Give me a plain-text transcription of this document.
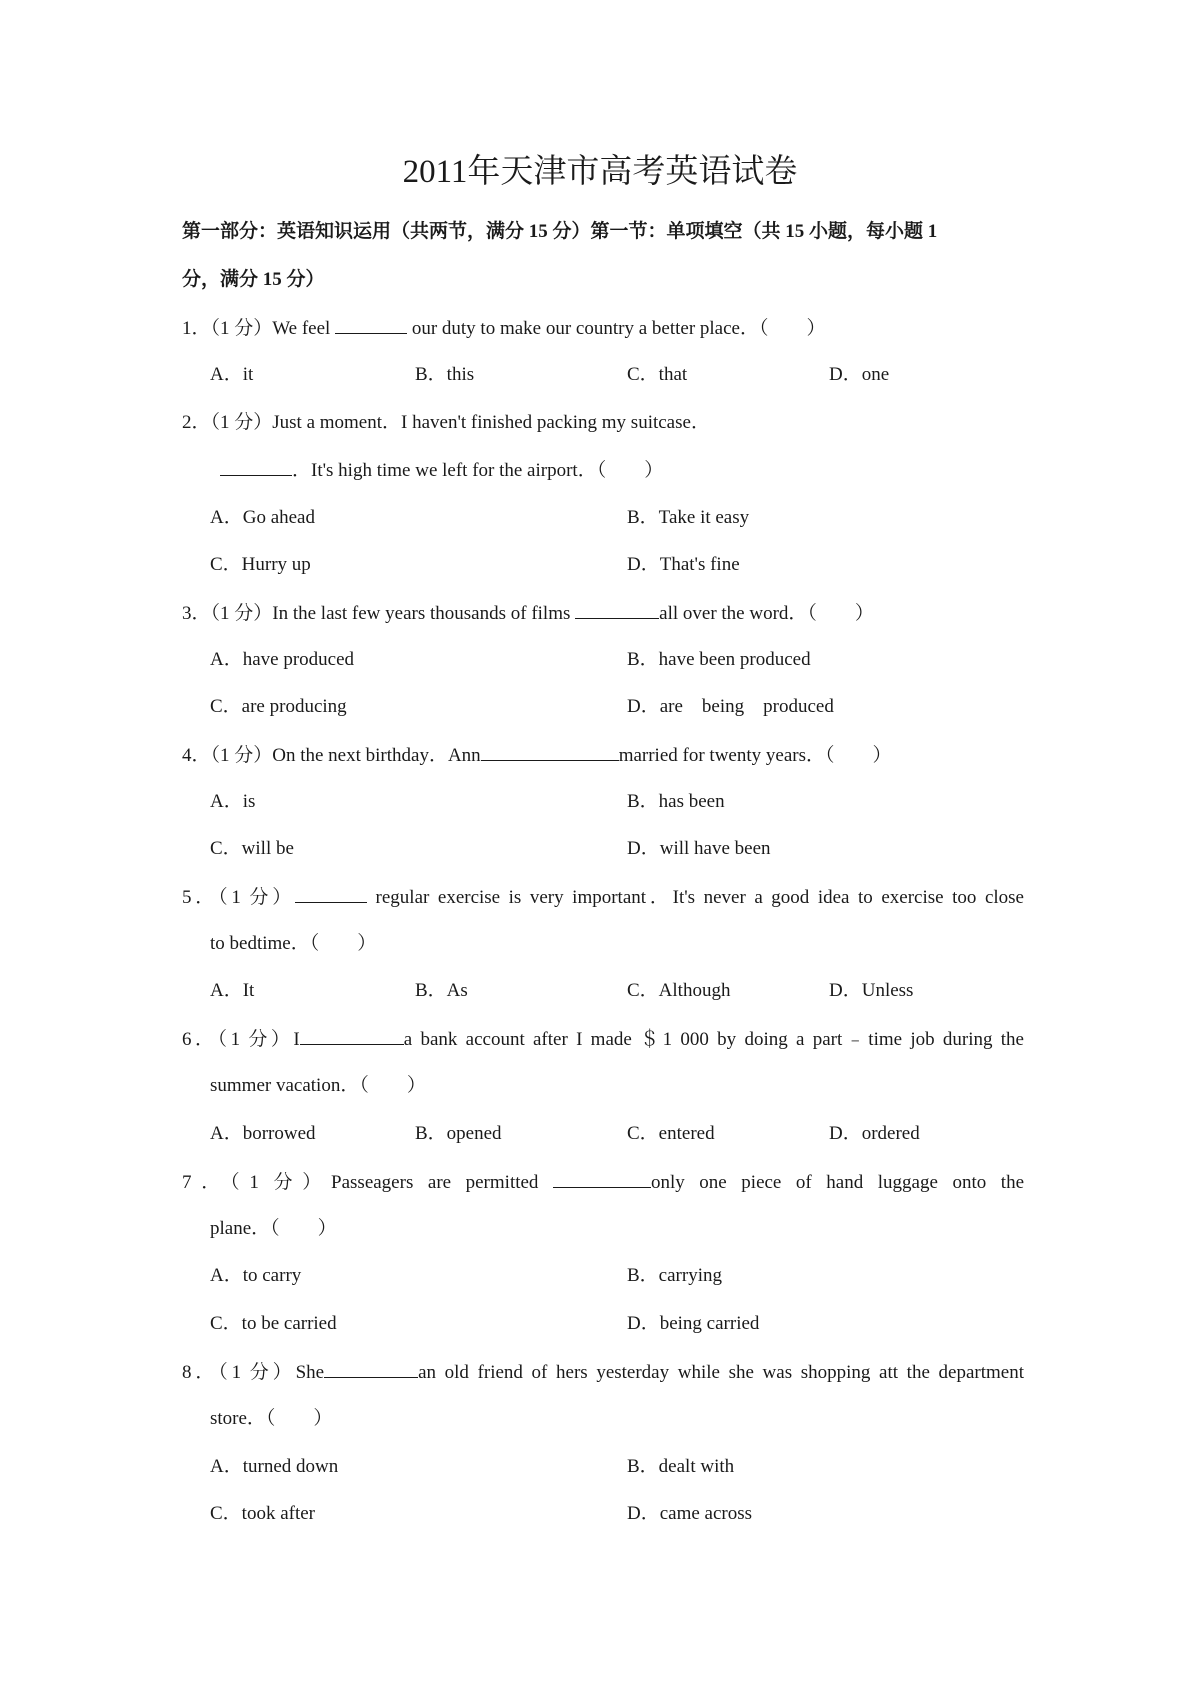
2011年天津市高考英语试卷
第一部分：英语知识运用（共两节，满分 15 分）第一节：单项填空（共 15 小题，每小题 1
分，满分 15 分）
1．（1 分）We feel	our duty to make our country a better place．（　　）
A．it	B．this	C．that	D．one
2．（1 分）Just a moment．I haven't finished packing my suitcase．
．It's high time we left for the airport．（　　）
A．Go ahead	B．Take it easy
C．Hurry up	D．That's fine
3．（1 分）In the last few years thousands of films	all over the word．（　　）
A．have produced	B．have been produced
C．are producing	D．are　being　produced
4．（1 分）On the next birthday．Ann	married for twenty years．（　　）
A．is	B．has been
C．will be	D．will have been
5．（1 分）	regular exercise is very important．It's never a good idea to exercise too close
to bedtime．（　　）
A．It	B．As	C．Although	D．Unless
6．（1 分）I	a bank account after I made ＄1 000 by doing a part﹣time job during the
summer vacation．（　　）
A．borrowed	B．opened	C．entered	D．ordered
7．（1 分）Passeagers are permitted	only one piece of hand luggage onto the
plane．（　　）
A．to carry	B．carrying
C．to be carried	D．being carried
8．（1 分）She	an old friend of hers yesterday while she was shopping att the department
store．（　　）
A．turned down	B．dealt with
C．took after	D．came across
